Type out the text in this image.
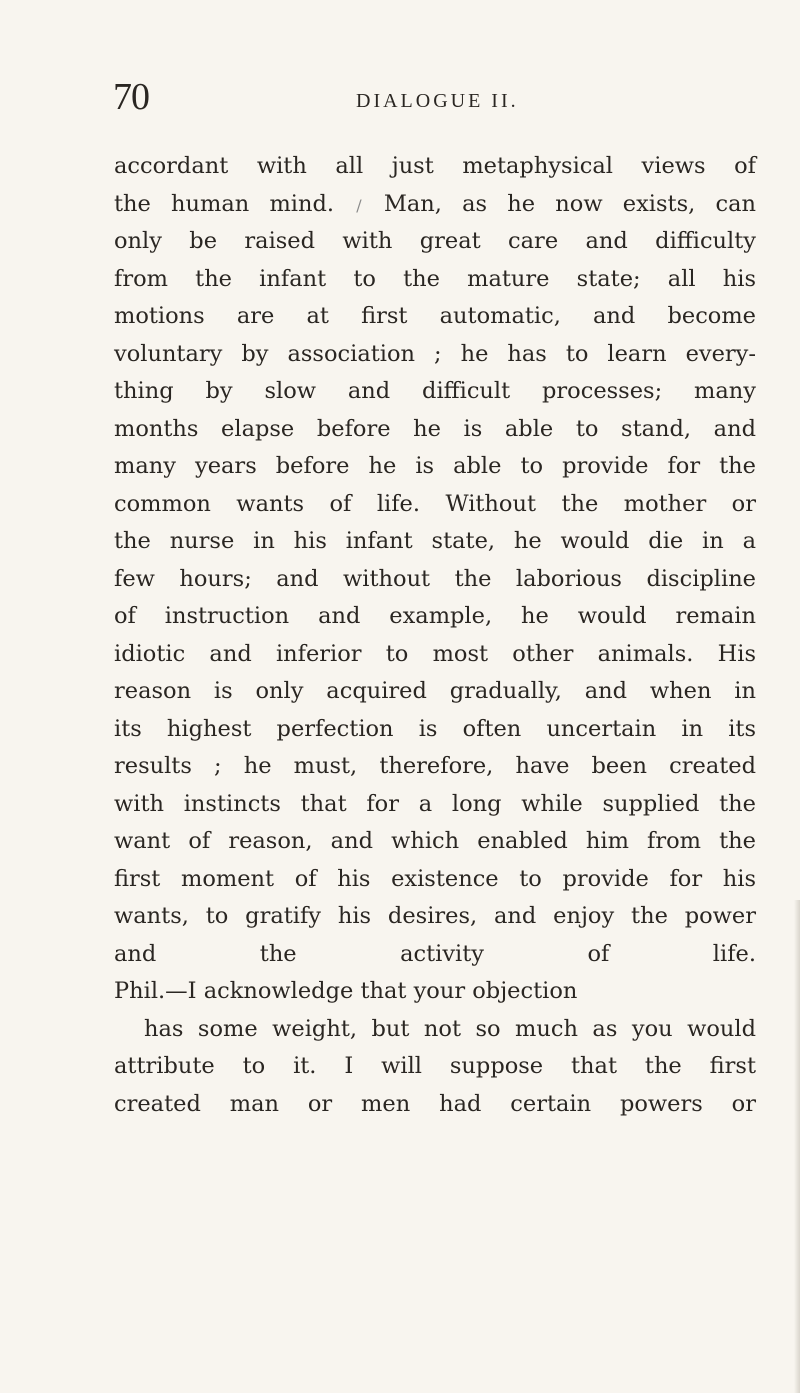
70	DIALOGUE II.
accordant with all just metaphysical views of
the human mind. / Man, as he now exists, can
only be raised with great care and difficulty
from the infant to the mature state; all his
motions are at first automatic, and become
voluntary by association ; he has to learn every-
thing by slow and difficult processes; many
months elapse before he is able to stand, and
many years before he is able to provide for the
common wants of life. Without the mother or
the nurse in his infant state, he would die in a
few hours; and without the laborious discipline
of instruction and example, he would remain
idiotic and inferior to most other animals. His
reason is only acquired gradually, and when in
its highest perfection is often uncertain in its
results ; he must, therefore, have been created
with instincts that for a long while supplied the
want of reason, and which enabled him from the
first moment of his existence to provide for his
wants, to gratify his desires, and enjoy the power
and the activity of life.
Phil.—I acknowledge that your objection
has some weight, but not so much as you would
attribute to it. I will suppose that the first
created man or men had certain powers or
